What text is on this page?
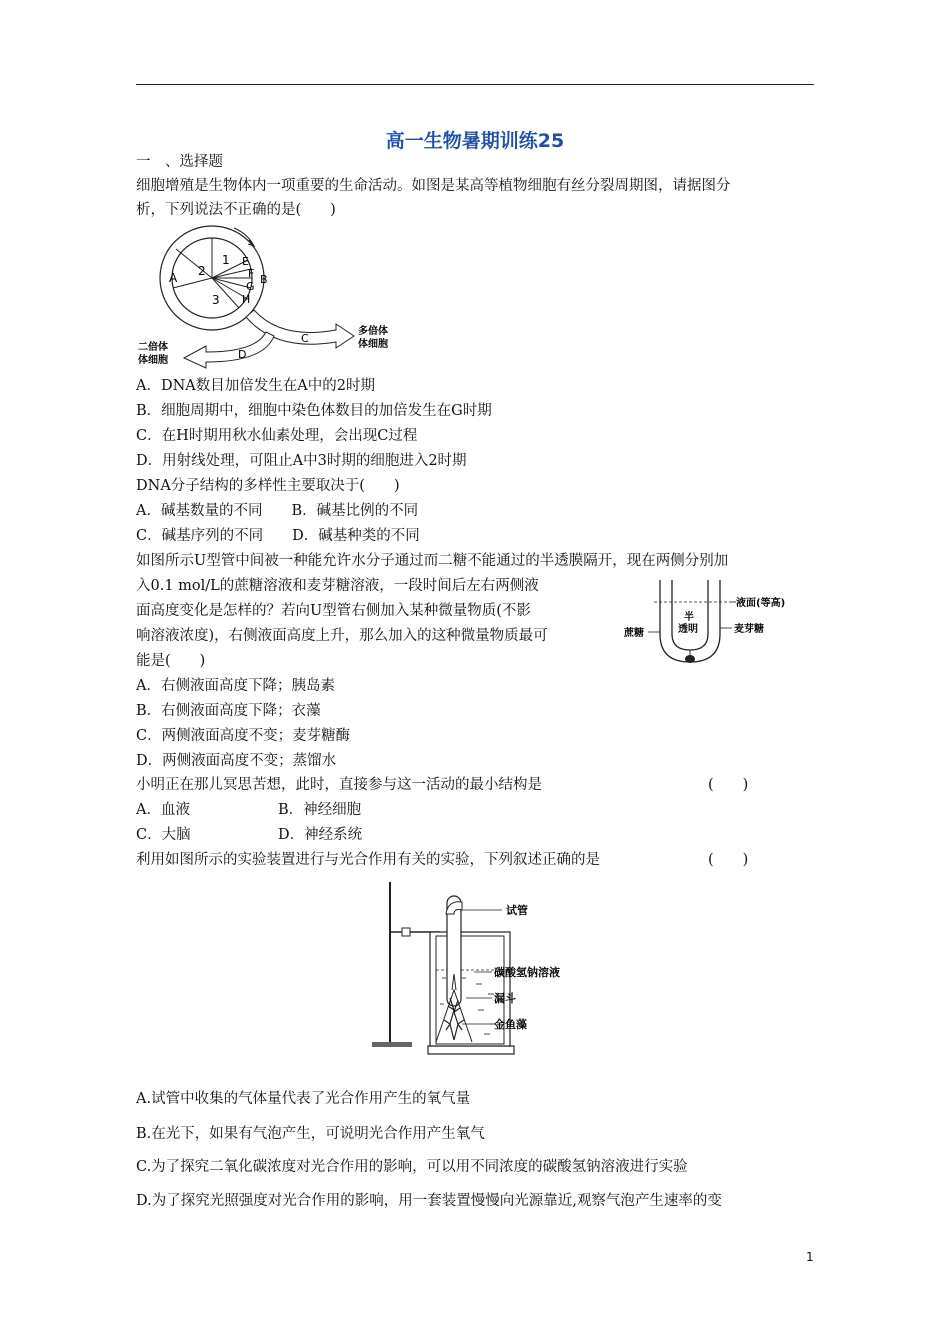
高一生物暑期训练25
一　、选择题
细胞增殖是生物体内一项重要的生命活动。如图是某高等植物细胞有丝分裂周期图，请据图分
析，下列说法不正确的是(　　)
A 2
1
3
E
F B
G
H
C
多倍体
体细胞
D
二倍体
体细胞
A．DNA数目加倍发生在A中的2时期
B．细胞周期中，细胞中染色体数目的加倍发生在G时期
C．在H时期用秋水仙素处理，会出现C过程
D．用射线处理，可阻止A中3时期的细胞进入2时期
DNA分子结构的多样性主要取决于(　　)
A．碱基数量的不同　　B．碱基比例的不同
C．碱基序列的不同　　D．碱基种类的不同
如图所示U型管中间被一种能允许水分子通过而二糖不能通过的半透膜隔开，现在两侧分别加
入0.1 mol/L的蔗糖溶液和麦芽糖溶液，一段时间后左右两侧液
面高度变化是怎样的？若向U型管右侧加入某种微量物质(不影
响溶液浓度)，右侧液面高度上升，那么加入的这种微量物质最可
能是(　　)
液面(等高)
蔗糖	麦芽糖
半
透明
A．右侧液面高度下降；胰岛素
B．右侧液面高度下降；衣藻
C．两侧液面高度不变；麦芽糖酶
D．两侧液面高度不变；蒸馏水
小明正在那儿冥思苦想，此时，直接参与这一活动的最小结构是	(　　)
A．血液	B．神经细胞
C．大脑	D．神经系统
利用如图所示的实验装置进行与光合作用有关的实验，下列叙述正确的是	(　　)
试管
碳酸氢钠溶液
漏斗
金鱼藻
A.试管中收集的气体量代表了光合作用产生的氧气量
B.在光下，如果有气泡产生，可说明光合作用产生氧气
C.为了探究二氧化碳浓度对光合作用的影响，可以用不同浓度的碳酸氢钠溶液进行实验
D.为了探究光照强度对光合作用的影响，用一套装置慢慢向光源靠近,观察气泡产生速率的变
1
